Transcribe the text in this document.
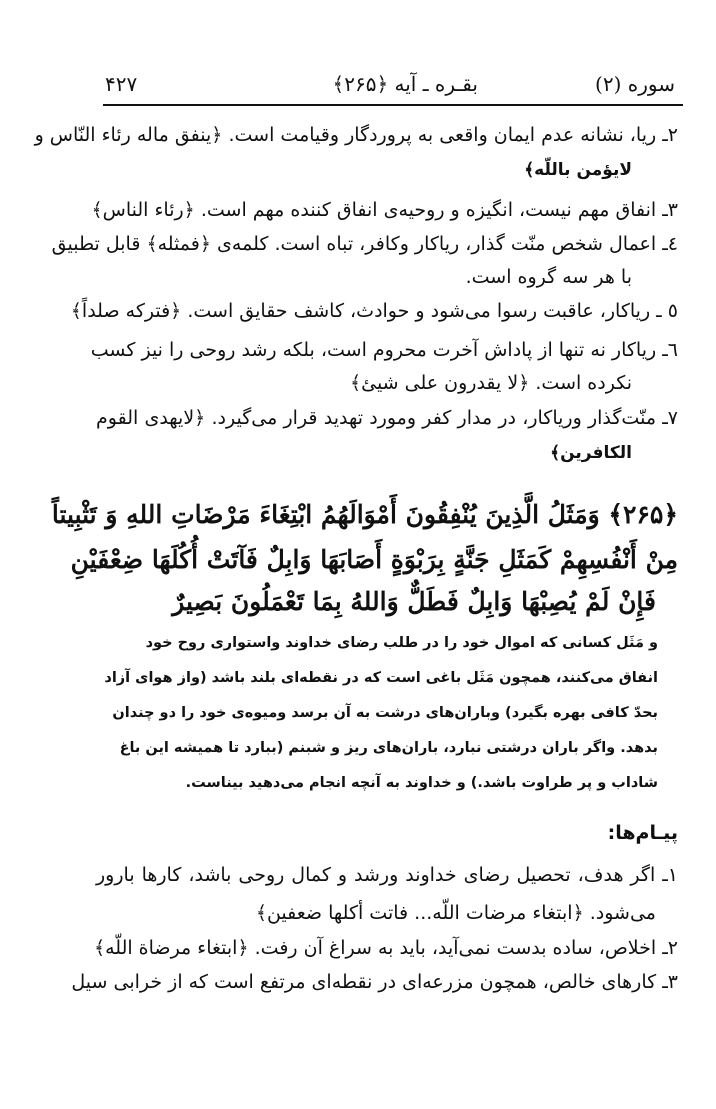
سوره (۲)
بقـره ـ آیه ﴿۲۶۵﴾
۴۲۷
۲ـ ریا، نشانه عدم ایمان واقعی به پروردگار وقیامت است. ﴿ینفق ماله رئاء النّاس و
لایؤمن باللّه﴾
۳ـ انفاق مهم نیست، انگیزه و روحیه‌ی انفاق کننده مهم است. ﴿رئاء الناس﴾
٤ـ اعمال شخص منّت گذار، ریاکار وکافر، تباه است. کلمه‌ی ﴿فمثله﴾ قابل تطبیق
با هر سه گروه است.
٥ ـ ریاکار، عاقبت رسوا می‌شود و حوادث، کاشف حقایق است. ﴿فترکه صلداً﴾
٦ـ ریاکار نه تنها از پاداش آخرت محروم است، بلکه رشد روحی را نیز کسب
نکرده است. ﴿لا یقدرون علی شیئ﴾
۷ـ منّت‌گذار وریاکار، در مدار کفر ومورد تهدید قرار می‌گیرد. ﴿لایهدی القوم
الکافرین﴾
﴿۲۶۵﴾ وَمَثَلُ الَّذِينَ يُنْفِقُونَ أَمْوَالَهُمُ ابْتِغَاءَ مَرْضَاتِ اللهِ وَ تَثْبِيتاً
مِنْ أَنْفُسِهِمْ كَمَثَلِ جَنَّةٍ بِرَبْوَةٍ أَصَابَهَا وَابِلٌ فَآتَتْ أُكُلَهَا ضِعْفَيْنِ
فَإِنْ لَمْ يُصِبْهَا وَابِلٌ فَطَلٌّ وَاللهُ بِمَا تَعْمَلُونَ بَصِيرٌ
و مَثَل کسانی که اموال خود را در طلب رضای خداوند واستواری روح خود
انفاق می‌کنند، همچون مَثَل باغی است که در نقطه‌ای بلند باشد (واز هوای آزاد
بحدّ کافی بهره بگیرد) وباران‌های درشت به آن برسد ومیوه‌ی خود را دو چندان
بدهد. واگر باران درشتی نبارد، باران‌های ریز و شبنم (ببارد تا همیشه این باغ
شاداب و پر طراوت باشد.) و خداوند به آنچه انجام می‌دهید بیناست.
پیـام‌ها:
۱ـ اگر هدف، تحصیل رضای خداوند ورشد و کمال روحی باشد، کارها بارور
می‌شود. ﴿ابتغاء مرضات اللّه... فاتت أکلها ضعفین﴾
۲ـ اخلاص، ساده بدست نمی‌آید، باید به سراغ آن رفت. ﴿ابتغاء مرضاة اللّه﴾
۳ـ کارهای خالص، همچون مزرعه‌ای در نقطه‌ای مرتفع است که از خرابی سیل
